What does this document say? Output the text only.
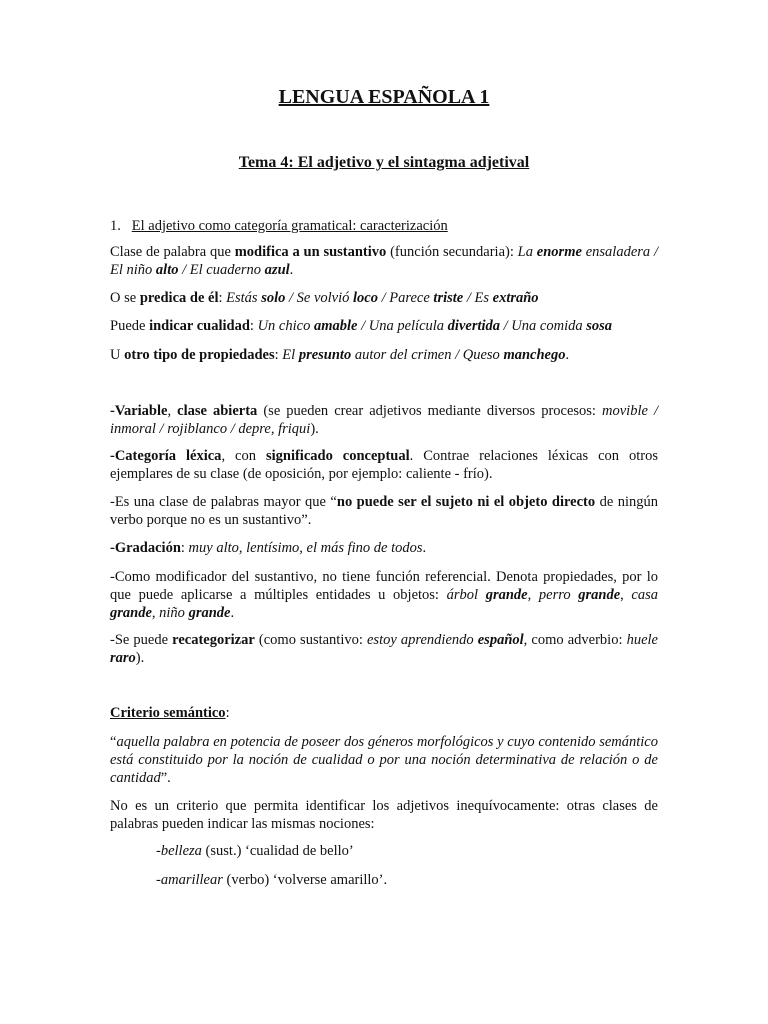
LENGUA ESPAÑOLA 1
Tema 4: El adjetivo y el sintagma adjetival
1. El adjetivo como categoría gramatical: caracterización
Clase de palabra que modifica a un sustantivo (función secundaria): La enorme ensaladera / El niño alto / El cuaderno azul.
O se predica de él: Estás solo / Se volvió loco / Parece triste / Es extraño
Puede indicar cualidad: Un chico amable / Una película divertida / Una comida sosa
U otro tipo de propiedades: El presunto autor del crimen / Queso manchego.
-Variable, clase abierta (se pueden crear adjetivos mediante diversos procesos: movible / inmoral / rojiblanco / depre, friqui).
-Categoría léxica, con significado conceptual. Contrae relaciones léxicas con otros ejemplares de su clase (de oposición, por ejemplo: caliente - frío).
-Es una clase de palabras mayor que “no puede ser el sujeto ni el objeto directo de ningún verbo porque no es un sustantivo”.
-Gradación: muy alto, lentísimo, el más fino de todos.
-Como modificador del sustantivo, no tiene función referencial. Denota propiedades, por lo que puede aplicarse a múltiples entidades u objetos: árbol grande, perro grande, casa grande, niño grande.
-Se puede recategorizar (como sustantivo: estoy aprendiendo español, como adverbio: huele raro).
Criterio semántico:
“aquella palabra en potencia de poseer dos géneros morfológicos y cuyo contenido semántico está constituido por la noción de cualidad o por una noción determinativa de relación o de cantidad”.
No es un criterio que permita identificar los adjetivos inequívocamente: otras clases de palabras pueden indicar las mismas nociones:
-belleza (sust.) ‘cualidad de bello’
-amarillear (verbo) ‘volverse amarillo’.
